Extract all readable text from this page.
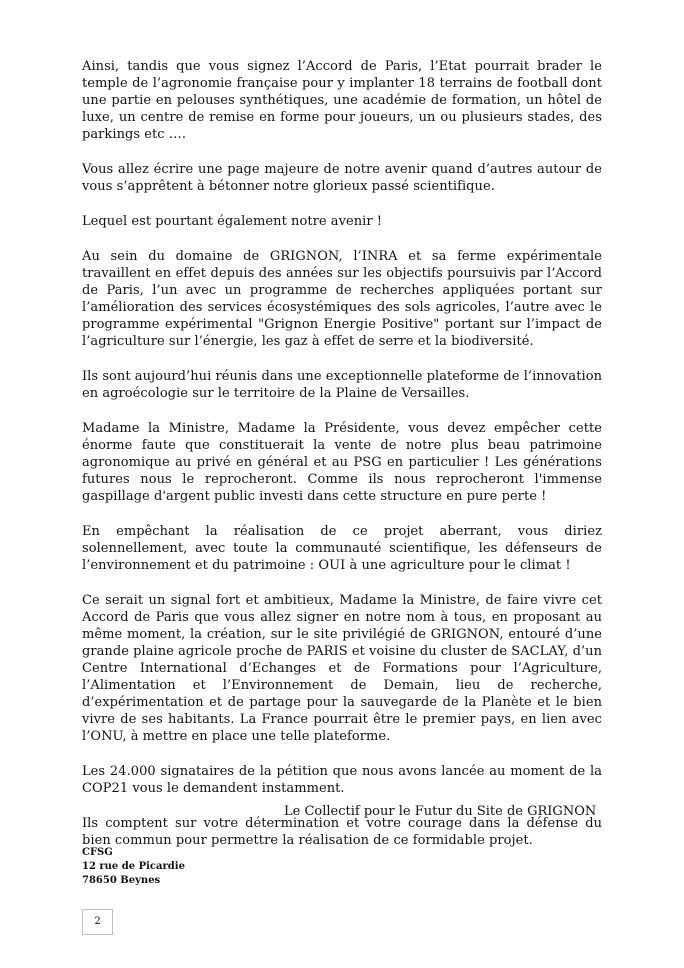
Ainsi, tandis que vous signez l’Accord de Paris, l’Etat pourrait brader le temple de l’agronomie française pour y implanter 18 terrains de football dont une partie en pelouses synthétiques, une académie de formation, un hôtel de luxe, un centre de remise en forme pour joueurs, un ou plusieurs stades, des parkings etc ….

Vous allez écrire une page majeure de notre avenir quand d’autres autour de vous s’apprêtent à bétonner notre glorieux passé scientifique.

Lequel est pourtant également notre avenir !

Au sein du domaine de GRIGNON, l’INRA et sa ferme expérimentale travaillent en effet depuis des années sur les objectifs poursuivis par l’Accord de Paris, l’un avec un programme de recherches appliquées portant sur l’amélioration des services écosystémiques des sols agricoles, l’autre avec le programme expérimental "Grignon Energie Positive" portant sur l’impact de l’agriculture sur l’énergie, les gaz à effet de serre et la biodiversité.

Ils sont aujourd’hui réunis dans une exceptionnelle plateforme de l’innovation en agroécologie sur le territoire de la Plaine de Versailles.

Madame la Ministre, Madame la Présidente, vous devez empêcher cette énorme faute que constituerait la vente de notre plus beau patrimoine agronomique au privé en général et au PSG en particulier ! Les générations futures nous le reprocheront. Comme ils nous reprocheront l'immense gaspillage d'argent public investi dans cette structure en pure perte !

En empêchant la réalisation de ce projet aberrant, vous diriez solennellement, avec toute la communauté scientifique, les défenseurs de l’environnement et du patrimoine : OUI à une agriculture pour le climat !

Ce serait un signal fort et ambitieux, Madame la Ministre, de faire vivre cet Accord de Paris que vous allez signer en notre nom à tous, en proposant au même moment, la création, sur le site privilégié de GRIGNON, entouré d’une grande plaine agricole proche de PARIS et voisine du cluster de SACLAY, d’un Centre International d’Echanges et de Formations pour l’Agriculture, l’Alimentation et l’Environnement de Demain, lieu de recherche, d’expérimentation et de partage pour la sauvegarde de la Planète et le bien vivre de ses habitants. La France pourrait être le premier pays, en lien avec l’ONU, à mettre en place une telle plateforme.

Les 24.000 signataires de la pétition que nous avons lancée au moment de la COP21 vous le demandent instamment.

Ils comptent sur votre détermination et votre courage dans la défense du bien commun pour permettre la réalisation de ce formidable projet.

Le Collectif pour le Futur du Site de GRIGNON
CFSG
12 rue de Picardie
78650 Beynes
2
